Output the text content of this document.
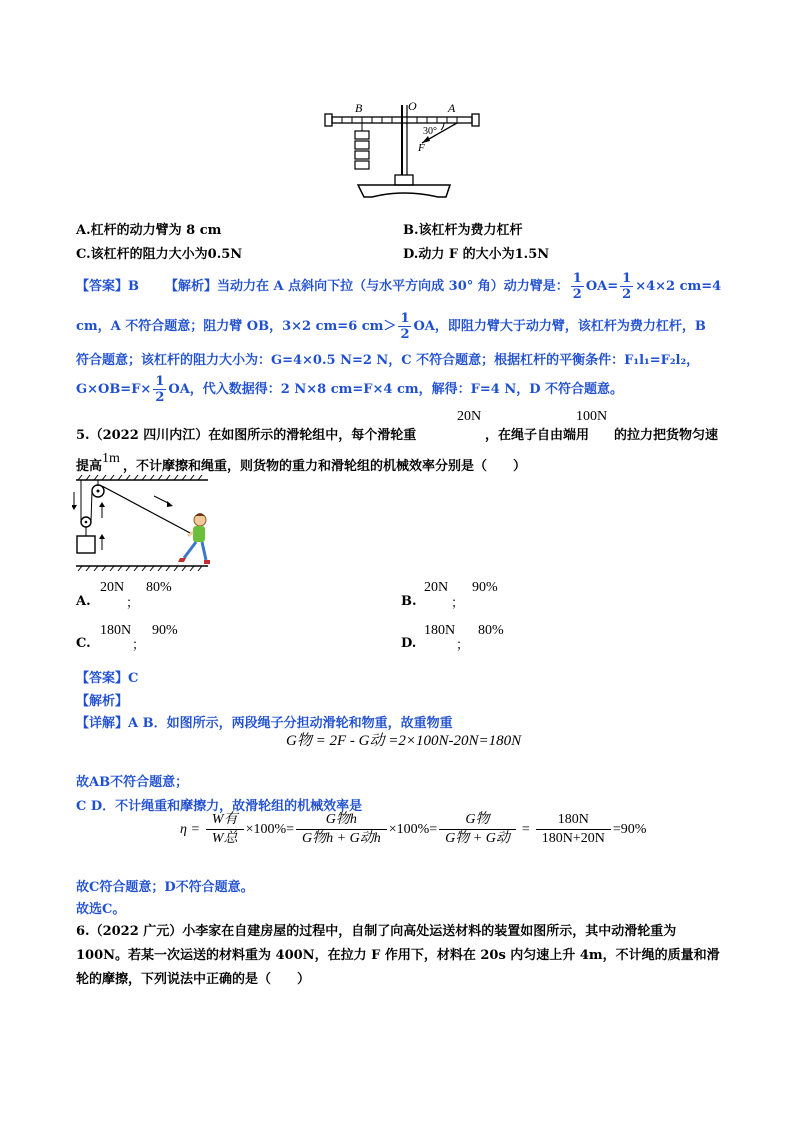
B	O	A
30°
F
A.杠杆的动力臂为 8 cm	B.该杠杆为费力杠杆
C.该杠杆的阻力大小为0.5N	D.动力 F 的大小为1.5N
【答案】B 【解析】当动力在 A 点斜向下拉（与水平方向成 30° 角）动力臂是： $\frac{1}{2} OA= \frac{1}{2} \times 4\times 2$ cm=4
cm，A 不符合题意；阻力臂 OB，3×2 cm=6 $cm> \frac{1}{2}$ OA，即阻力臂大于动力臂，该杠杆为费力杠杆，B
符合题意；该杠杆的阻力大小为：G=4×0.5 N=2 N，C 不符合题意；根据杠杆的平衡条件：F₁l₁=F₂l₂，
$G\times OB=F\times \frac{1}{2}$ OA，代入数据得：2 N×8 cm=F×4 cm，解得：F=4 N，D 不符合题意。
5.（2022 四川内江）在如图所示的滑轮组中，每个滑轮重
20N
，在绳子自由端用
100N
的拉力把货物匀速
提高
1m
，不计摩擦和绳重，则货物的重力和滑轮组的机械效率分别是（　　）
A.
20N
；
80%
B.
20N
；
90%
C.
180N
；
90%
D.
180N
；
80%
【答案】C
【解析】
【详解】A B．如图所示，两段绳子分担动滑轮和物重，故重物重
G物 = 2F - G动 =2×100N-20N=180N
故AB不符合题意；
C D．不计绳重和摩擦力，故滑轮组的机械效率是
$\eta = \frac{\text{W有}}{\text{W总}} \times 100\%= \frac{\text{G物h}}{\text{G物h + G动h}} \times 100\%= \frac{\text{G物}}{\text{G物 + G动}} = \frac{180N}{180N+20N} =90\%$
故C符合题意；D不符合题意。
故选C。
6.（2022 广元）小李家在自建房屋的过程中，自制了向高处运送材料的装置如图所示，其中动滑轮重为
100N。若某一次运送的材料重为 400N，在拉力 F 作用下，材料在 20s 内匀速上升 4m，不计绳的质量和滑
轮的摩擦，下列说法中正确的是（　　）
